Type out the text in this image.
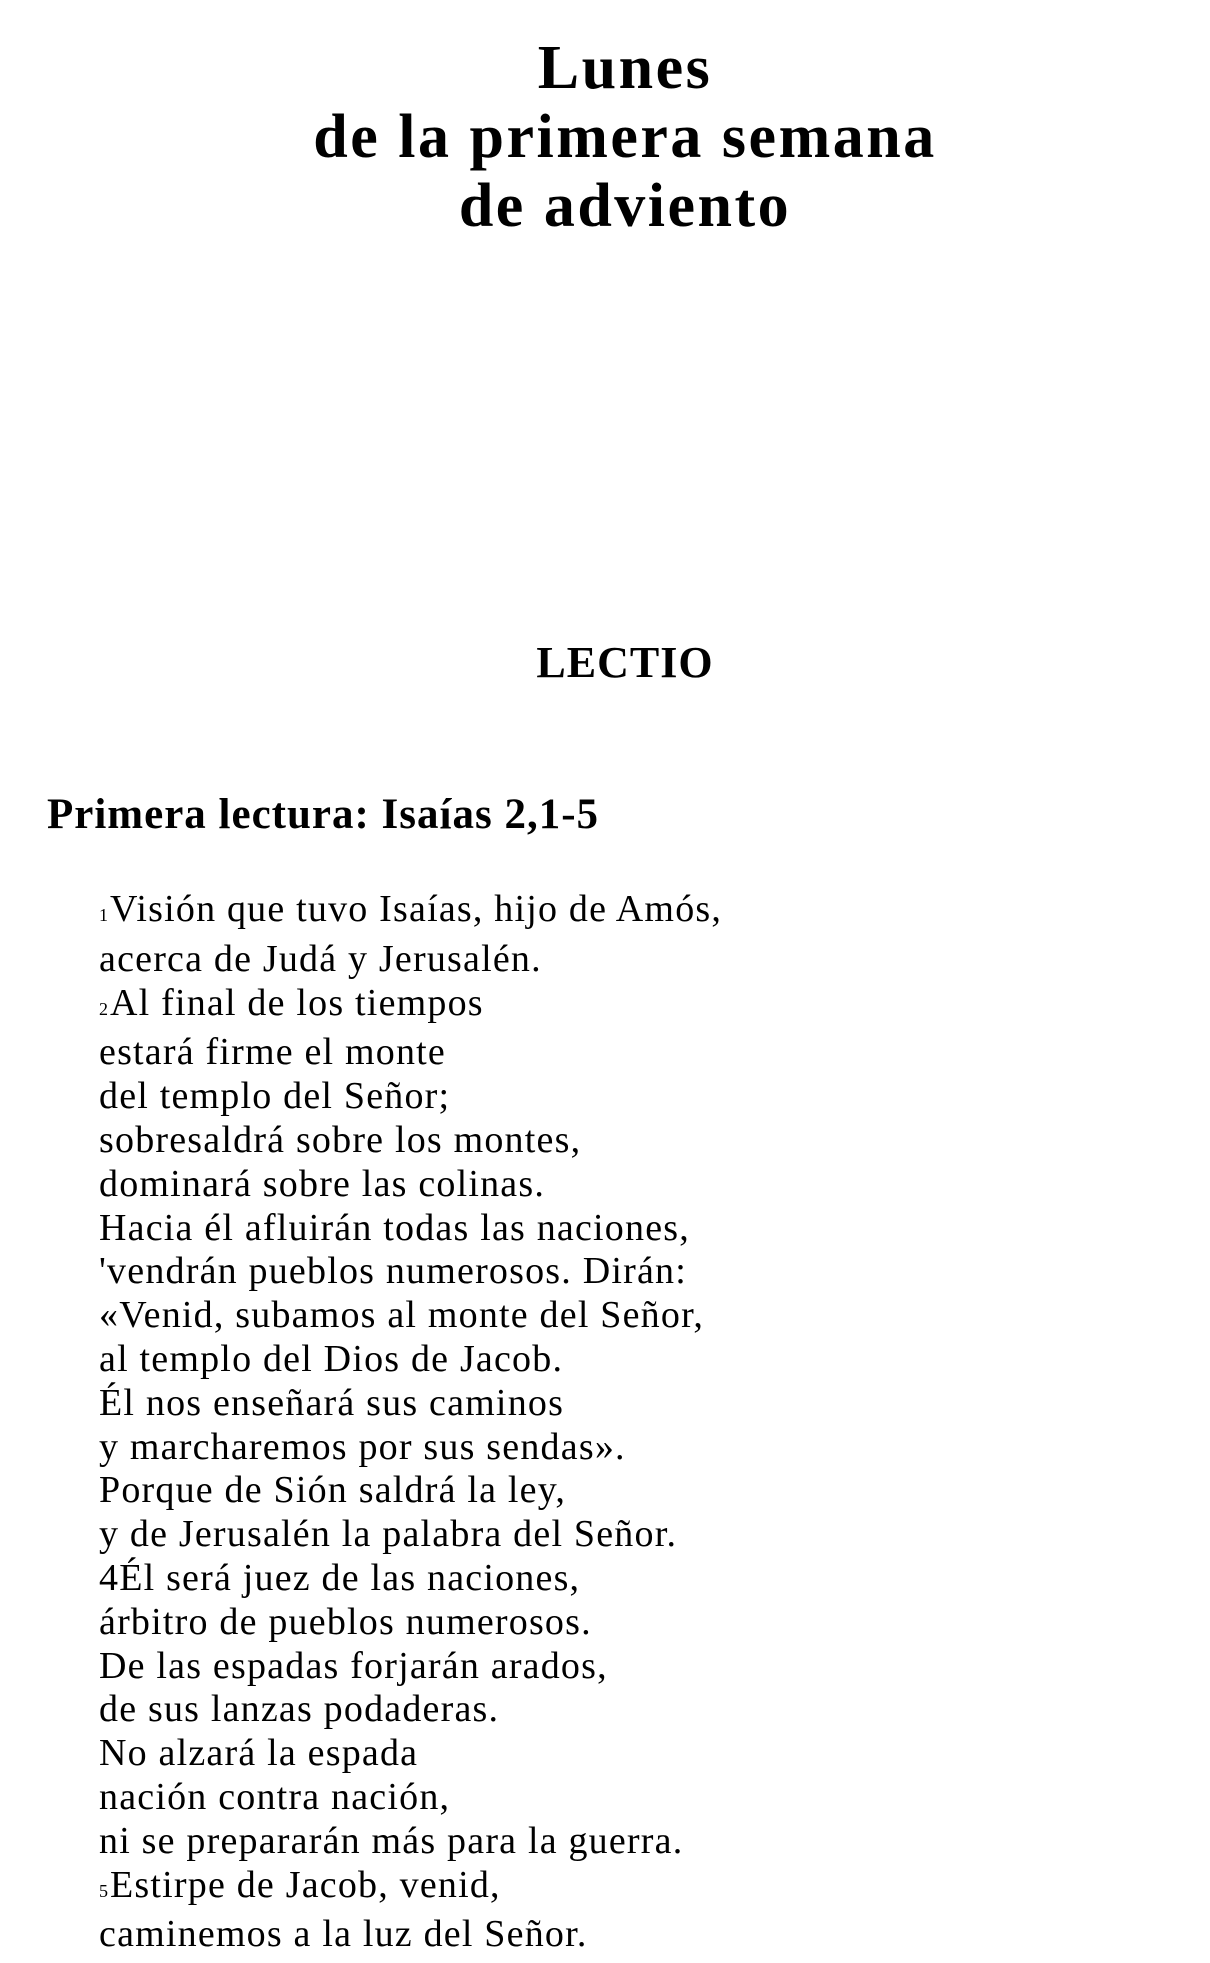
Lunes
de la primera semana
de adviento
LECTIO
Primera lectura: Isaías 2,1-5
1Visión que tuvo Isaías, hijo de Amós,
acerca de Judá y Jerusalén.
2Al final de los tiempos
estará firme el monte
del templo del Señor;
sobresaldrá sobre los montes,
dominará sobre las colinas.
Hacia él afluirán todas las naciones,
'vendrán pueblos numerosos. Dirán:
«Venid, subamos al monte del Señor,
al templo del Dios de Jacob.
Él nos enseñará sus caminos
y marcharemos por sus sendas».
Porque de Sión saldrá la ley,
y de Jerusalén la palabra del Señor.
4Él será juez de las naciones,
árbitro de pueblos numerosos.
De las espadas forjarán arados,
de sus lanzas podaderas.
No alzará la espada
nación contra nación,
ni se prepararán más para la guerra.
5Estirpe de Jacob, venid,
caminemos a la luz del Señor.
